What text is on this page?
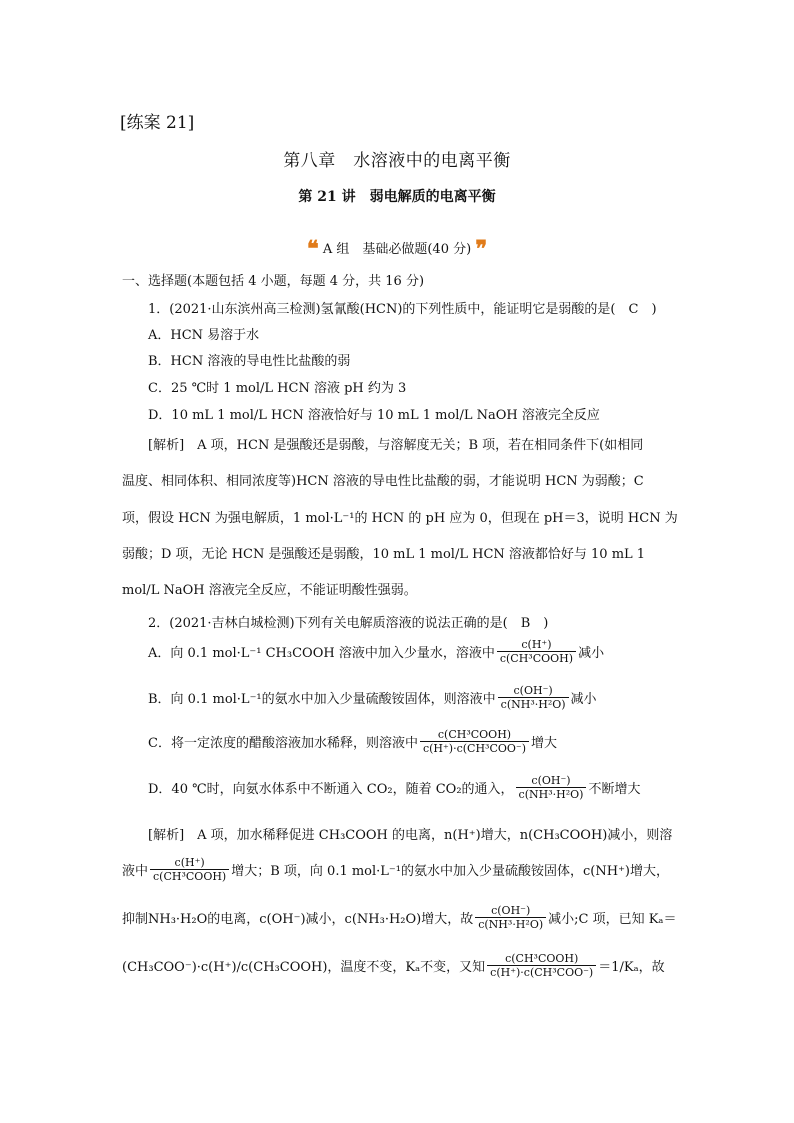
[练案 21]
第八章　水溶液中的电离平衡
第 21 讲　弱电解质的电离平衡
❝ A 组　基础必做题(40 分) ❞
一、选择题(本题包括 4 小题，每题 4 分，共 16 分)
1．(2021·山东滨州高三检测)氢氰酸(HCN)的下列性质中，能证明它是弱酸的是(　C　)
A．HCN 易溶于水
B．HCN 溶液的导电性比盐酸的弱
C．25 ℃时 1 mol/L HCN 溶液 pH 约为 3
D．10 mL 1 mol/L HCN 溶液恰好与 10 mL 1 mol/L NaOH 溶液完全反应
[解析]　A 项，HCN 是强酸还是弱酸，与溶解度无关；B 项，若在相同条件下(如相同
温度、相同体积、相同浓度等)HCN 溶液的导电性比盐酸的弱，才能说明 HCN 为弱酸；C
项，假设 HCN 为强电解质，1 mol·L⁻¹的 HCN 的 pH 应为 0，但现在 pH＝3，说明 HCN 为
弱酸；D 项，无论 HCN 是强酸还是弱酸，10 mL 1 mol/L HCN 溶液都恰好与 10 mL 1
mol/L NaOH 溶液完全反应，不能证明酸性强弱。
2．(2021·吉林白城检测)下列有关电解质溶液的说法正确的是(　B　)
A．向 0.1 mol·L⁻¹ CH₃COOH 溶液中加入少量水，溶液中 $\frac{c(H^+)}{\text{c(CH³COOH)}}$ 减小
B．向 0.1 mol·L⁻¹的氨水中加入少量硫酸铵固体，则溶液中 $\frac{c(OH^-)}{\text{c(NH³·H²O)}}$ 减小
C．将一定浓度的醋酸溶液加水稀释，则溶液中 $\frac{\text{c(CH³COOH)}}{\text{c(H⁺)·c(CH³COO⁻)}}$ 增大
D．40 ℃时，向氨水体系中不断通入 CO₂，随着 CO₂的通入， $\frac{c(OH^-)}{\text{c(NH³·H²O)}}$ 不断增大
[解析]　A 项，加水稀释促进 CH₃COOH 的电离，n(H⁺)增大，n(CH₃COOH)减小，则溶
液中 $\frac{c(H^+)}{\text{c(CH³COOH)}}$ 增大；B 项，向 0.1 mol·L⁻¹的氨水中加入少量硫酸铵固体，c(NH⁺)增大，
抑制NH₃·H₂O的电离，c(OH⁻)减小，c(NH₃·H₂O)增大，故 $\frac{c(OH^-)}{\text{c(NH³·H²O)}}$ 减小;C 项，已知 Kₐ＝
(CH₃COO⁻)·c(H⁺)/c(CH₃COOH)，温度不变，Kₐ不变，又知 $\frac{\text{c(CH³COOH)}}{\text{c(H⁺)·c(CH³COO⁻)}} =1/K_a$，故
